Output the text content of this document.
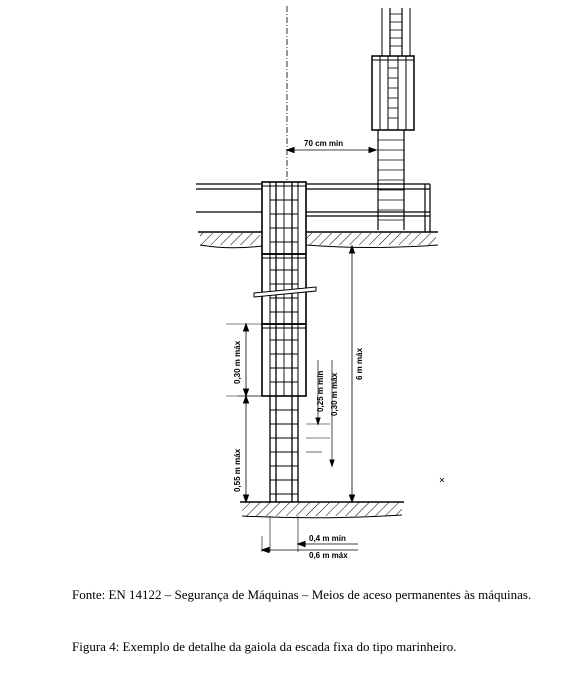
70 cm min
0,30 m máx
0,55 m máx
0,25 m mín 0,30 m máx
6 m máx
0,4 m mín
0,6 m máx
Fonte: EN 14122 – Segurança de Máquinas – Meios de aceso permanentes às máquinas.
Figura 4: Exemplo de detalhe da gaiola da escada fixa do tipo marinheiro.
